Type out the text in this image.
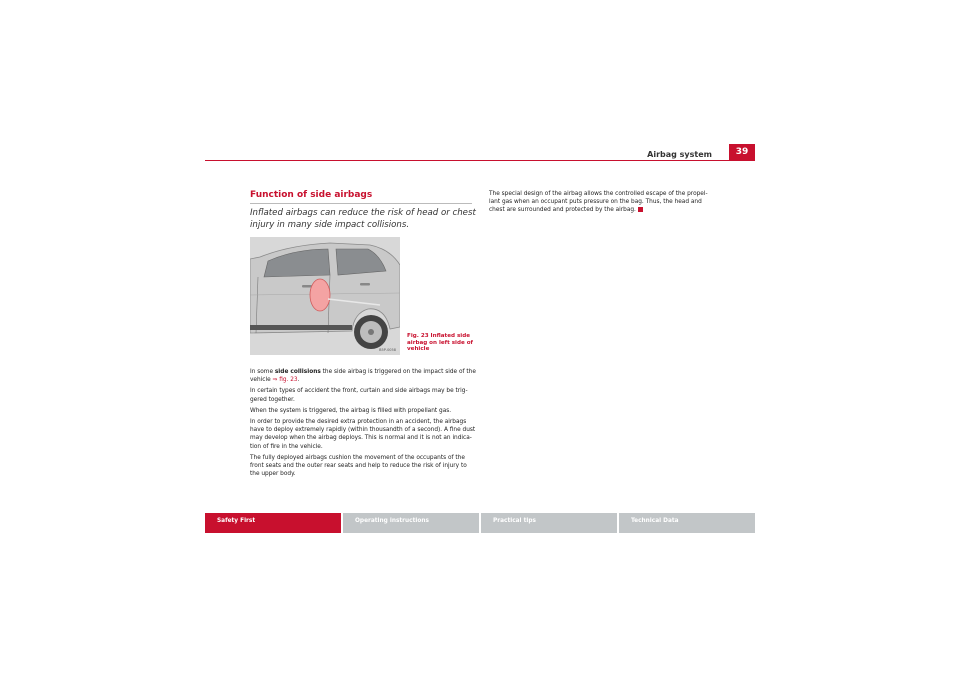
Airbag system	39
Function of side airbags
Inflated airbags can reduce the risk of head or chest injury in many side impact collisions.
B5P-0058
Fig. 23 Inflated side airbag on left side of vehicle

In some side collisions the side airbag is triggered on the impact side of the vehicle ⇒ fig. 23.

In certain types of accident the front, curtain and side airbags may be trig-gered together.

When the system is triggered, the airbag is filled with propellant gas.

In order to provide the desired extra protection in an accident, the airbags have to deploy extremely rapidly (within thousandth of a second). A fine dust may develop when the airbag deploys. This is normal and it is not an indica-tion of fire in the vehicle.

The fully deployed airbags cushion the movement of the occupants of the front seats and the outer rear seats and help to reduce the risk of injury to the upper body.

The special design of the airbag allows the controlled escape of the propel-lant gas when an occupant puts pressure on the bag. Thus, the head and chest are surrounded and protected by the airbag.

Safety First	Operating instructions	Practical tips	Technical Data
